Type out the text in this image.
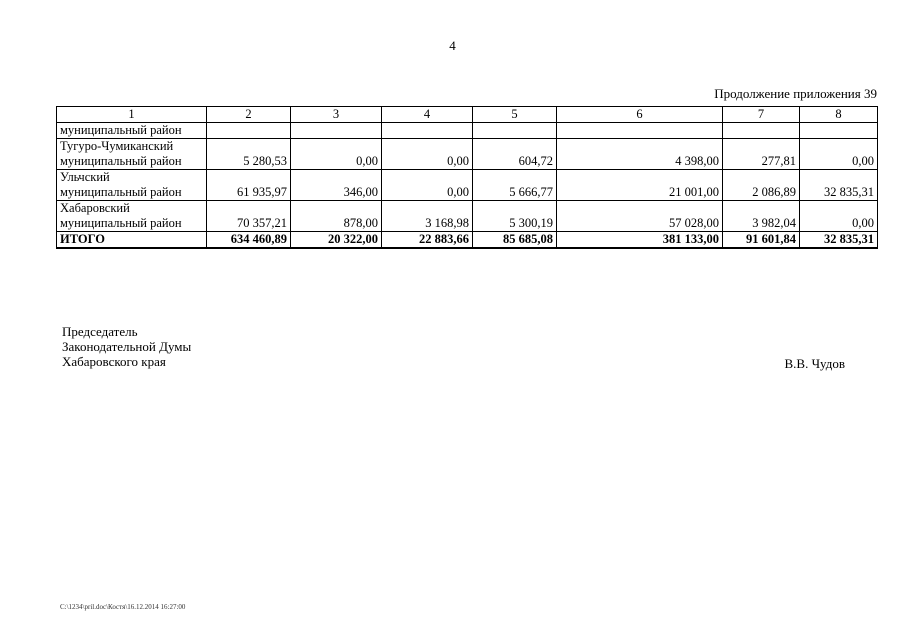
4
Продолжение приложения 39
1	2	3	4	5	6	7	8
муниципальный район							
Тугуро-Чумиканский
муниципальный район	5 280,53	0,00	0,00	604,72	4 398,00	277,81	0,00
Ульчский
муниципальный район	61 935,97	346,00	0,00	5 666,77	21 001,00	2 086,89	32 835,31
Хабаровский
муниципальный район	70 357,21	878,00	3 168,98	5 300,19	57 028,00	3 982,04	0,00
ИТОГО	634 460,89	20 322,00	22 883,66	85 685,08	381 133,00	91 601,84	32 835,31
Председатель
Законодательной Думы
Хабаровского края	В.В. Чудов
C:\1234\pril.doc\Костя\16.12.2014 16:27:00
